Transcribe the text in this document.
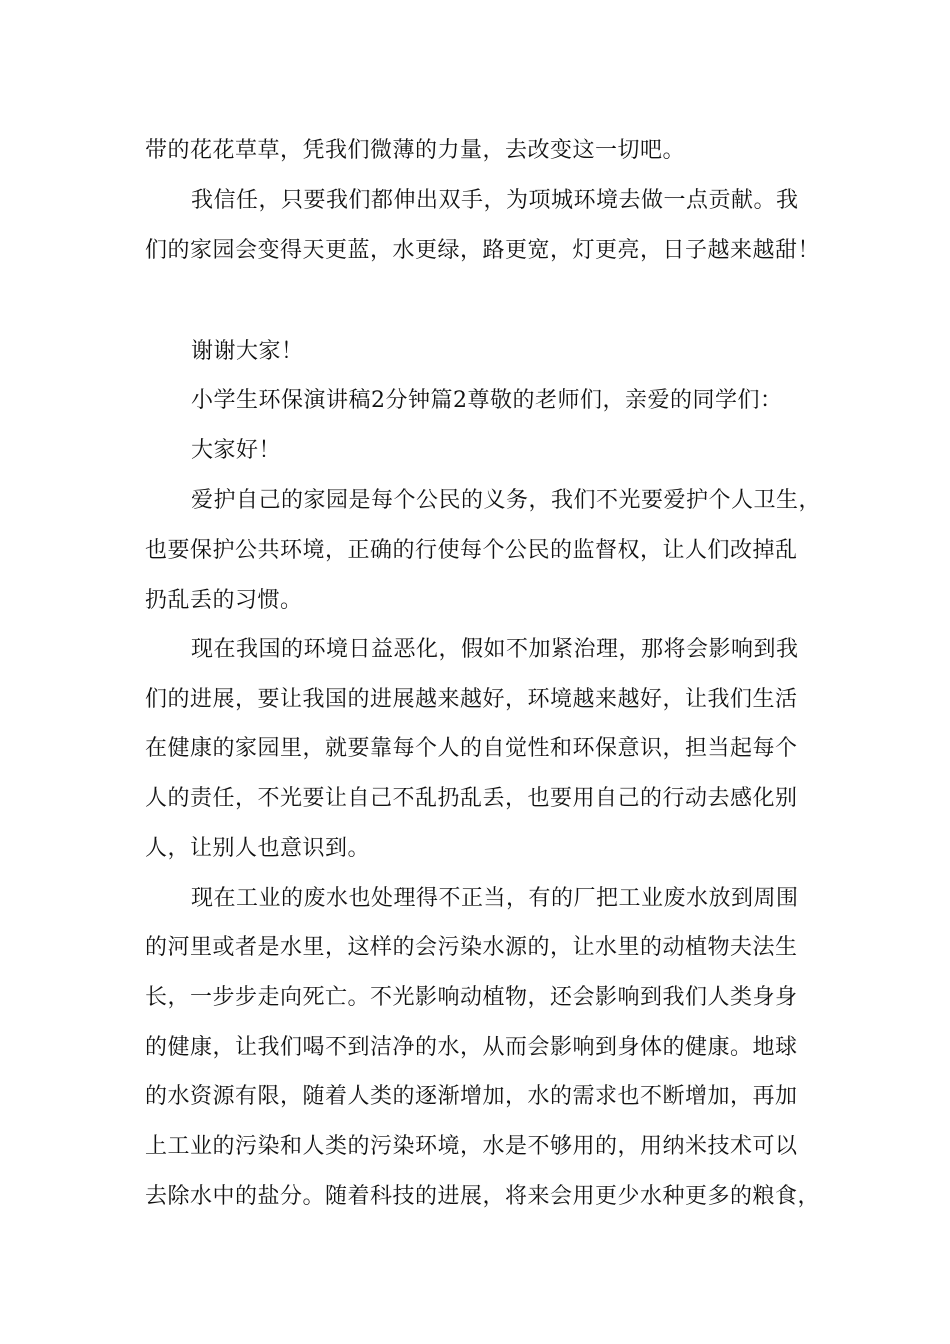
带的花花草草，凭我们微薄的力量，去改变这一切吧。
我信任，只要我们都伸出双手，为项城环境去做一点贡献。我
们的家园会变得天更蓝，水更绿，路更宽，灯更亮，日子越来越甜！
谢谢大家！
小学生环保演讲稿2分钟篇2尊敬的老师们，亲爱的同学们：
大家好！
爱护自己的家园是每个公民的义务，我们不光要爱护个人卫生，
也要保护公共环境，正确的行使每个公民的监督权，让人们改掉乱
扔乱丢的习惯。
现在我国的环境日益恶化，假如不加紧治理，那将会影响到我
们的进展，要让我国的进展越来越好，环境越来越好，让我们生活
在健康的家园里，就要靠每个人的自觉性和环保意识，担当起每个
人的责任，不光要让自己不乱扔乱丢，也要用自己的行动去感化别
人，让别人也意识到。
现在工业的废水也处理得不正当，有的厂把工业废水放到周围
的河里或者是水里，这样的会污染水源的，让水里的动植物夫法生
长，一步步走向死亡。不光影响动植物，还会影响到我们人类身身
的健康，让我们喝不到洁净的水，从而会影响到身体的健康。地球
的水资源有限，随着人类的逐渐增加，水的需求也不断增加，再加
上工业的污染和人类的污染环境，水是不够用的，用纳米技术可以
去除水中的盐分。随着科技的进展，将来会用更少水种更多的粮食，
